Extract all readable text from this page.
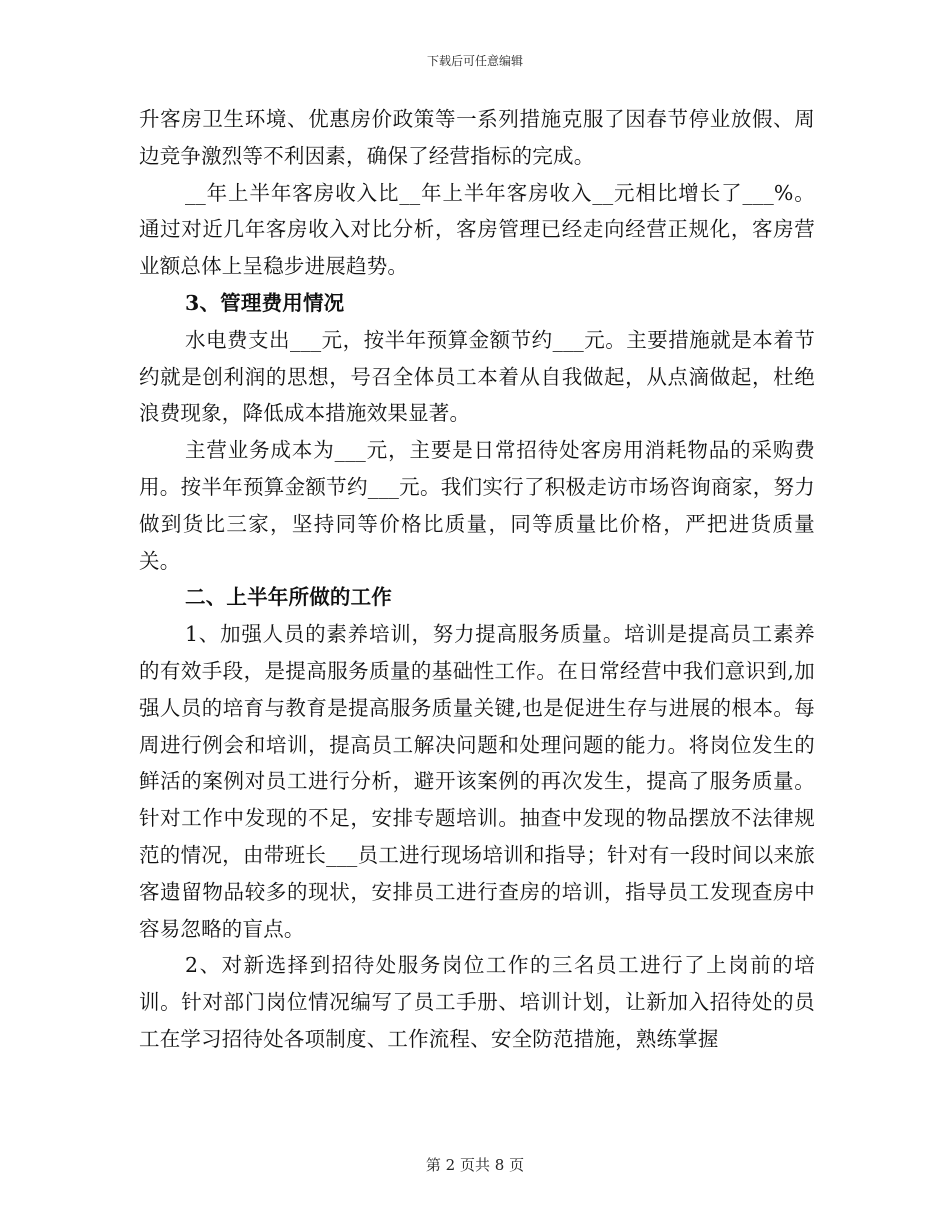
下载后可任意编辑

升客房卫生环境、优惠房价政策等一系列措施克服了因春节停业放假、周边竞争激烈等不利因素，确保了经营指标的完成。

__年上半年客房收入比__年上半年客房收入__元相比增长了___%。通过对近几年客房收入对比分析，客房管理已经走向经营正规化，客房营业额总体上呈稳步进展趋势。

3、管理费用情况

水电费支出___元，按半年预算金额节约___元。主要措施就是本着节约就是创利润的思想，号召全体员工本着从自我做起，从点滴做起，杜绝浪费现象，降低成本措施效果显著。

主营业务成本为___元，主要是日常招待处客房用消耗物品的采购费用。按半年预算金额节约___元。我们实行了积极走访市场咨询商家，努力做到货比三家，坚持同等价格比质量，同等质量比价格，严把进货质量关。

二、上半年所做的工作

1、加强人员的素养培训，努力提高服务质量。培训是提高员工素养的有效手段，是提高服务质量的基础性工作。在日常经营中我们意识到,加强人员的培育与教育是提高服务质量关键,也是促进生存与进展的根本。每周进行例会和培训，提高员工解决问题和处理问题的能力。将岗位发生的鲜活的案例对员工进行分析，避开该案例的再次发生，提高了服务质量。针对工作中发现的不足，安排专题培训。抽查中发现的物品摆放不法律规范的情况，由带班长___员工进行现场培训和指导；针对有一段时间以来旅客遗留物品较多的现状，安排员工进行查房的培训，指导员工发现查房中容易忽略的盲点。

2、对新选择到招待处服务岗位工作的三名员工进行了上岗前的培训。针对部门岗位情况编写了员工手册、培训计划，让新加入招待处的员工在学习招待处各项制度、工作流程、安全防范措施，熟练掌握

第 2 页共 8 页
